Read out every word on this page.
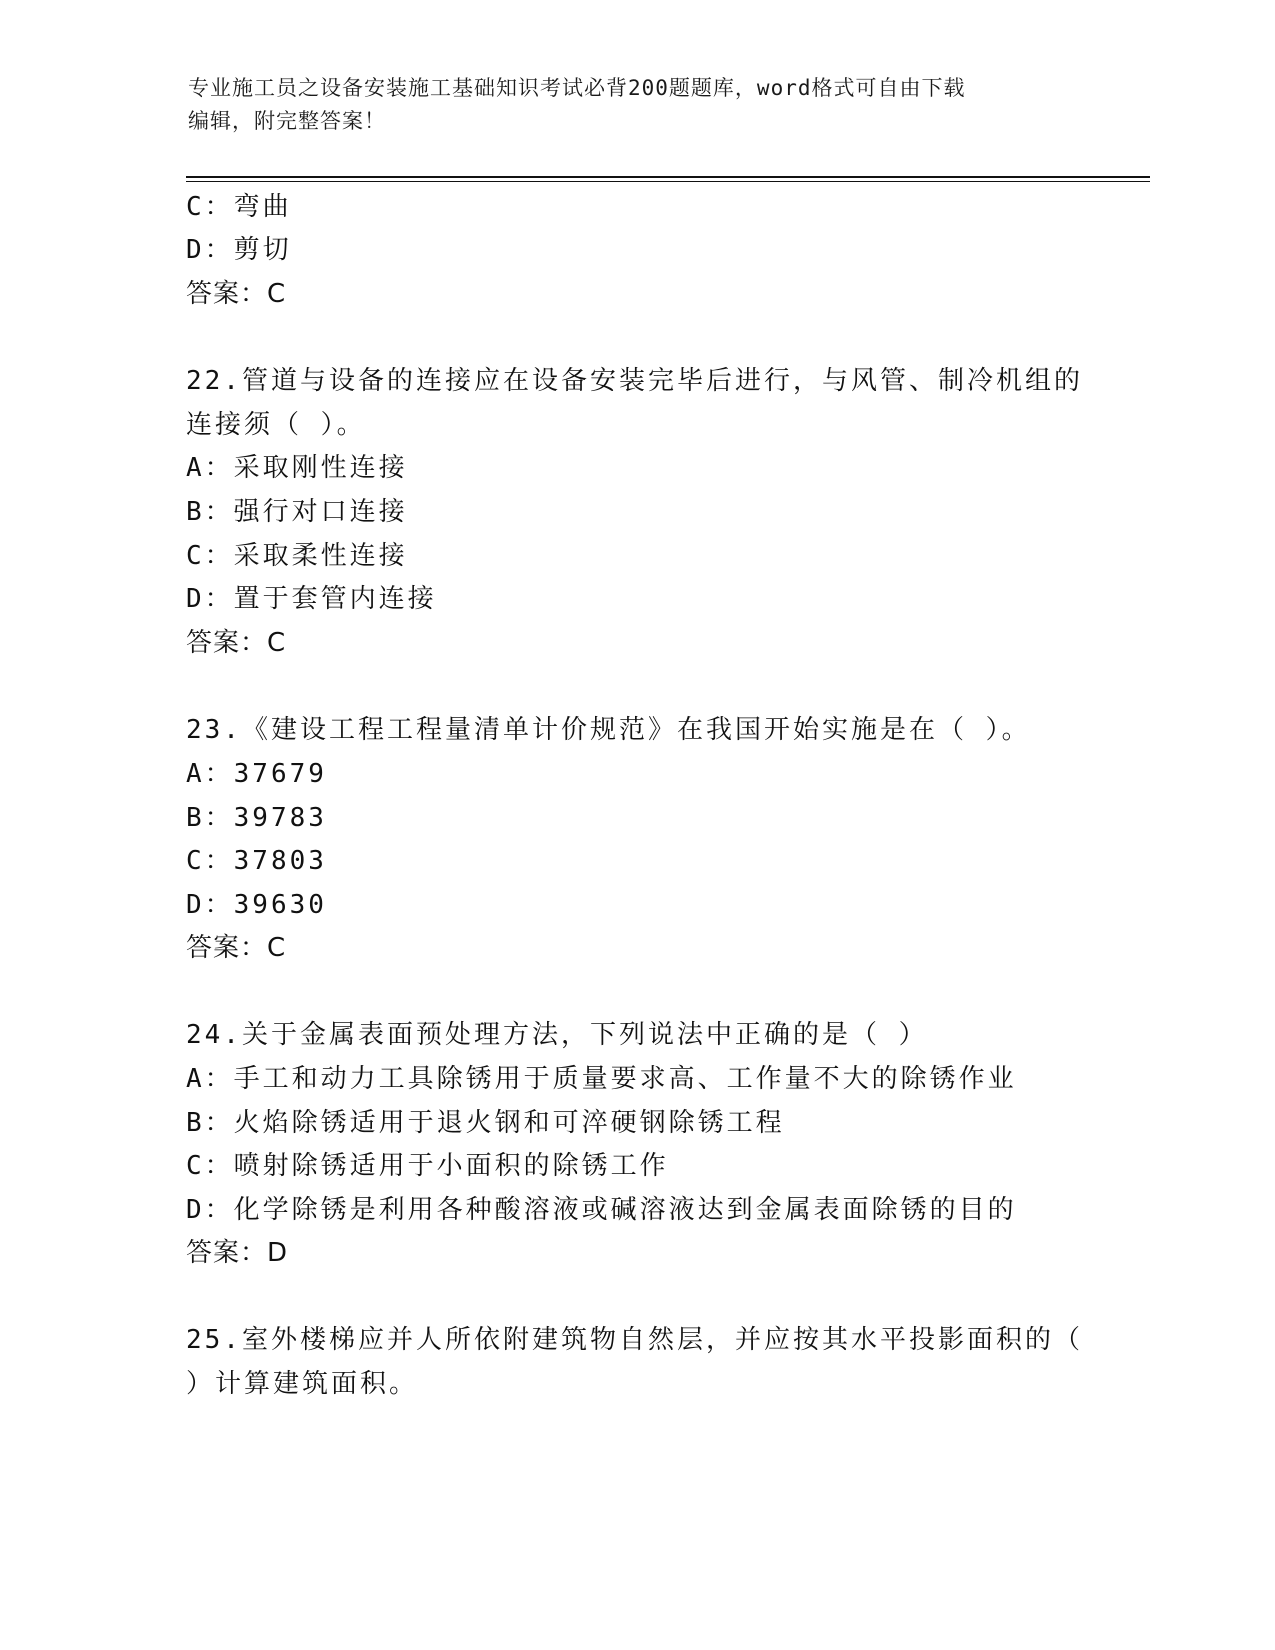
专业施工员之设备安装施工基础知识考试必背200题题库，word格式可自由下载
编辑，附完整答案！
C：弯曲
D：剪切
答案：C
22.管道与设备的连接应在设备安装完毕后进行，与风管、制冷机组的
连接须（ ）。
A：采取刚性连接
B：强行对口连接
C：采取柔性连接
D：置于套管内连接
答案：C
23.《建设工程工程量清单计价规范》在我国开始实施是在（ ）。
A：37679
B：39783
C：37803
D：39630
答案：C
24.关于金属表面预处理方法，下列说法中正确的是（ ）
A：手工和动力工具除锈用于质量要求高、工作量不大的除锈作业
B：火焰除锈适用于退火钢和可淬硬钢除锈工程
C：喷射除锈适用于小面积的除锈工作
D：化学除锈是利用各种酸溶液或碱溶液达到金属表面除锈的目的
答案：D
25.室外楼梯应并人所依附建筑物自然层，并应按其水平投影面积的（
）计算建筑面积。
